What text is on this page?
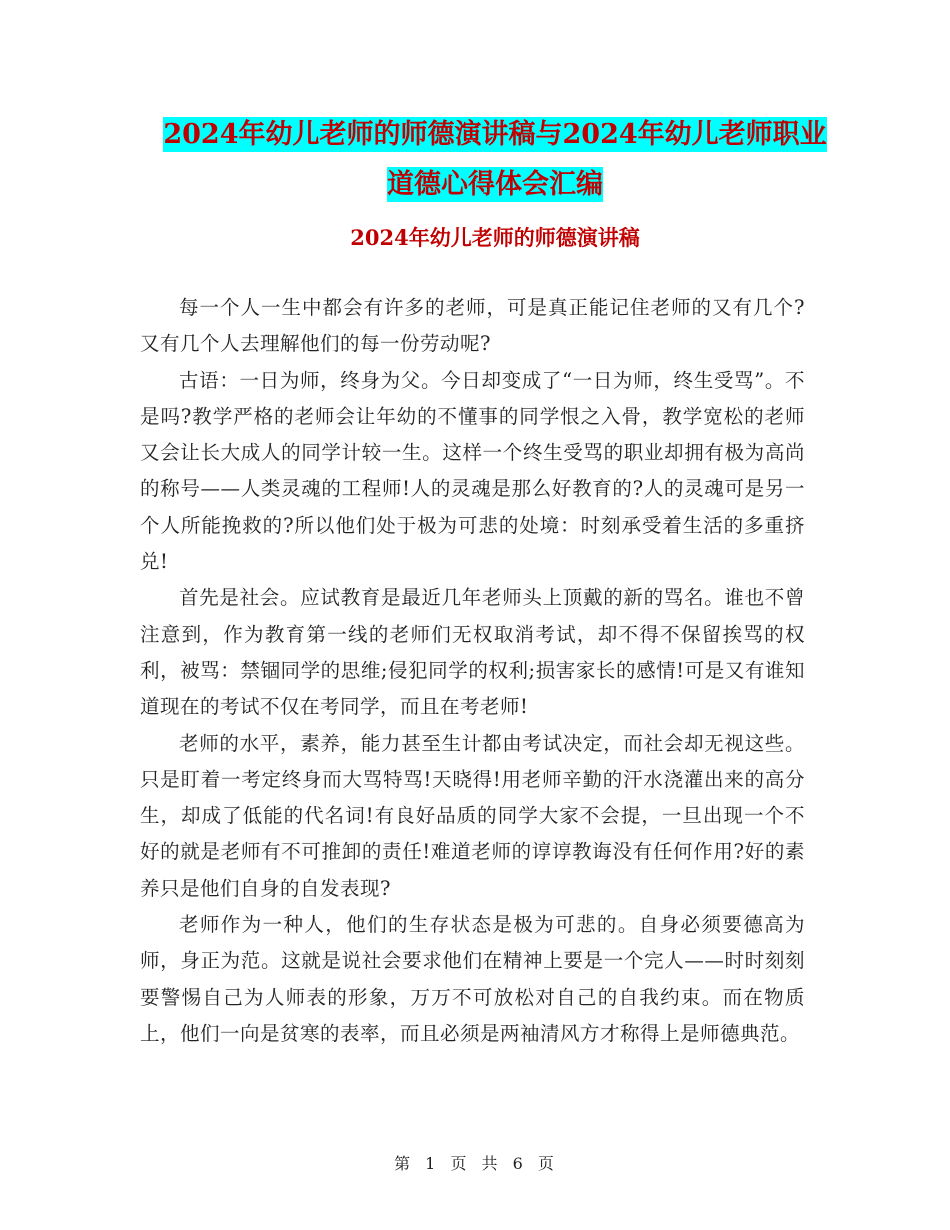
2024年幼儿老师的师德演讲稿与2024年幼儿老师职业
道德心得体会汇编
2024年幼儿老师的师德演讲稿

每一个人一生中都会有许多的老师，可是真正能记住老师的又有几个?又有几个人去理解他们的每一份劳动呢?

古语：一日为师，终身为父。今日却变成了“一日为师，终生受骂”。不是吗?教学严格的老师会让年幼的不懂事的同学恨之入骨，教学宽松的老师又会让长大成人的同学计较一生。这样一个终生受骂的职业却拥有极为高尚的称号——人类灵魂的工程师!人的灵魂是那么好教育的?人的灵魂可是另一个人所能挽救的?所以他们处于极为可悲的处境：时刻承受着生活的多重挤兑!

首先是社会。应试教育是最近几年老师头上顶戴的新的骂名。谁也不曾注意到，作为教育第一线的老师们无权取消考试，却不得不保留挨骂的权利，被骂：禁锢同学的思维;侵犯同学的权利;损害家长的感情!可是又有谁知道现在的考试不仅在考同学，而且在考老师!

老师的水平，素养，能力甚至生计都由考试决定，而社会却无视这些。只是盯着一考定终身而大骂特骂!天晓得!用老师辛勤的汗水浇灌出来的高分生，却成了低能的代名词!有良好品质的同学大家不会提，一旦出现一个不好的就是老师有不可推卸的责任!难道老师的谆谆教诲没有任何作用?好的素养只是他们自身的自发表现?

老师作为一种人，他们的生存状态是极为可悲的。自身必须要德高为师，身正为范。这就是说社会要求他们在精神上要是一个完人——时时刻刻要警惕自己为人师表的形象，万万不可放松对自己的自我约束。而在物质上，他们一向是贫寒的表率，而且必须是两袖清风方才称得上是师德典范。

第 1 页 共 6 页
